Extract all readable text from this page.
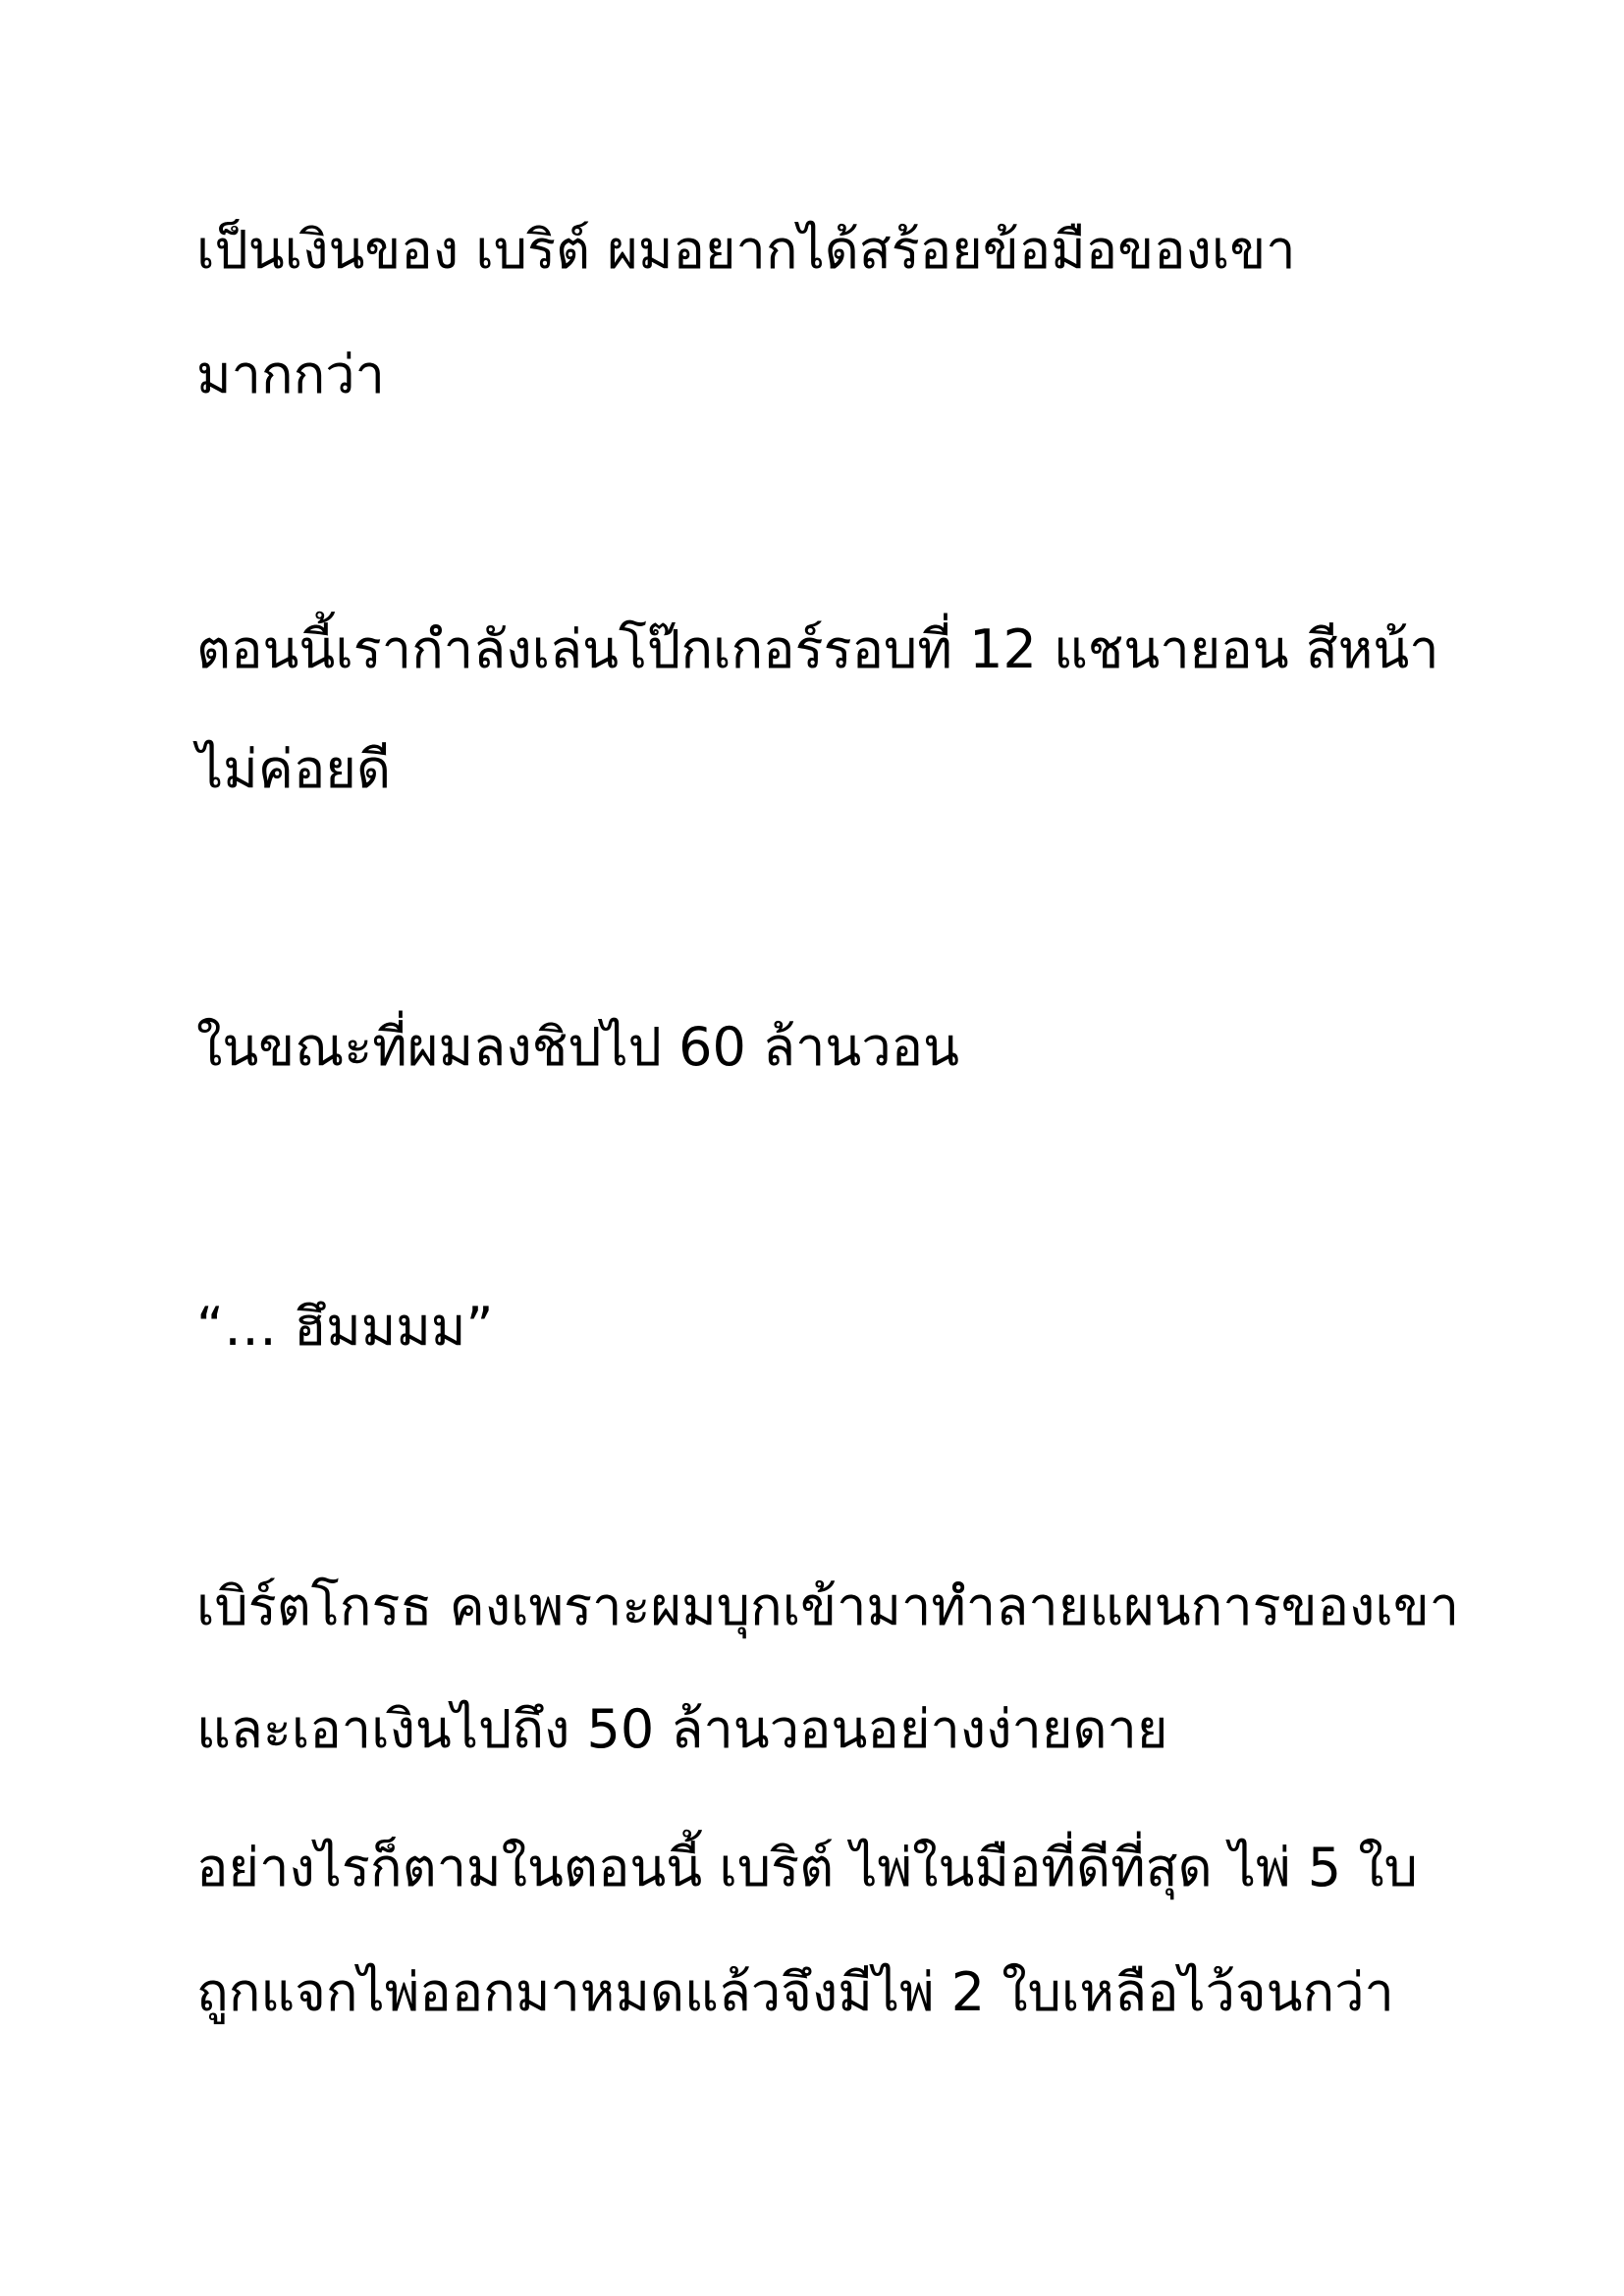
เป็นเงินของ เบริต์ ผมอยากได้สร้อยข้อมือของเขา

มากกว่า

ตอนนี้เรากำลังเล่นโป๊กเกอร์รอบที่ 12 แชนายอน สีหน้า

ไม่ค่อยดี

ในขณะที่ผมลงชิปไป 60 ล้านวอน

“… ฮึมมมม”

เบิร์ตโกรธ คงเพราะผมบุกเข้ามาทำลายแผนการของเขา

และเอาเงินไปถึง 50 ล้านวอนอย่างง่ายดาย

อย่างไรก็ตามในตอนนี้ เบริต์ ไพ่ในมือที่ดีที่สุด ไพ่ 5 ใบ

ถูกแจกไพ่ออกมาหมดแล้วจึงมีไพ่ 2 ใบเหลือไว้จนกว่า
